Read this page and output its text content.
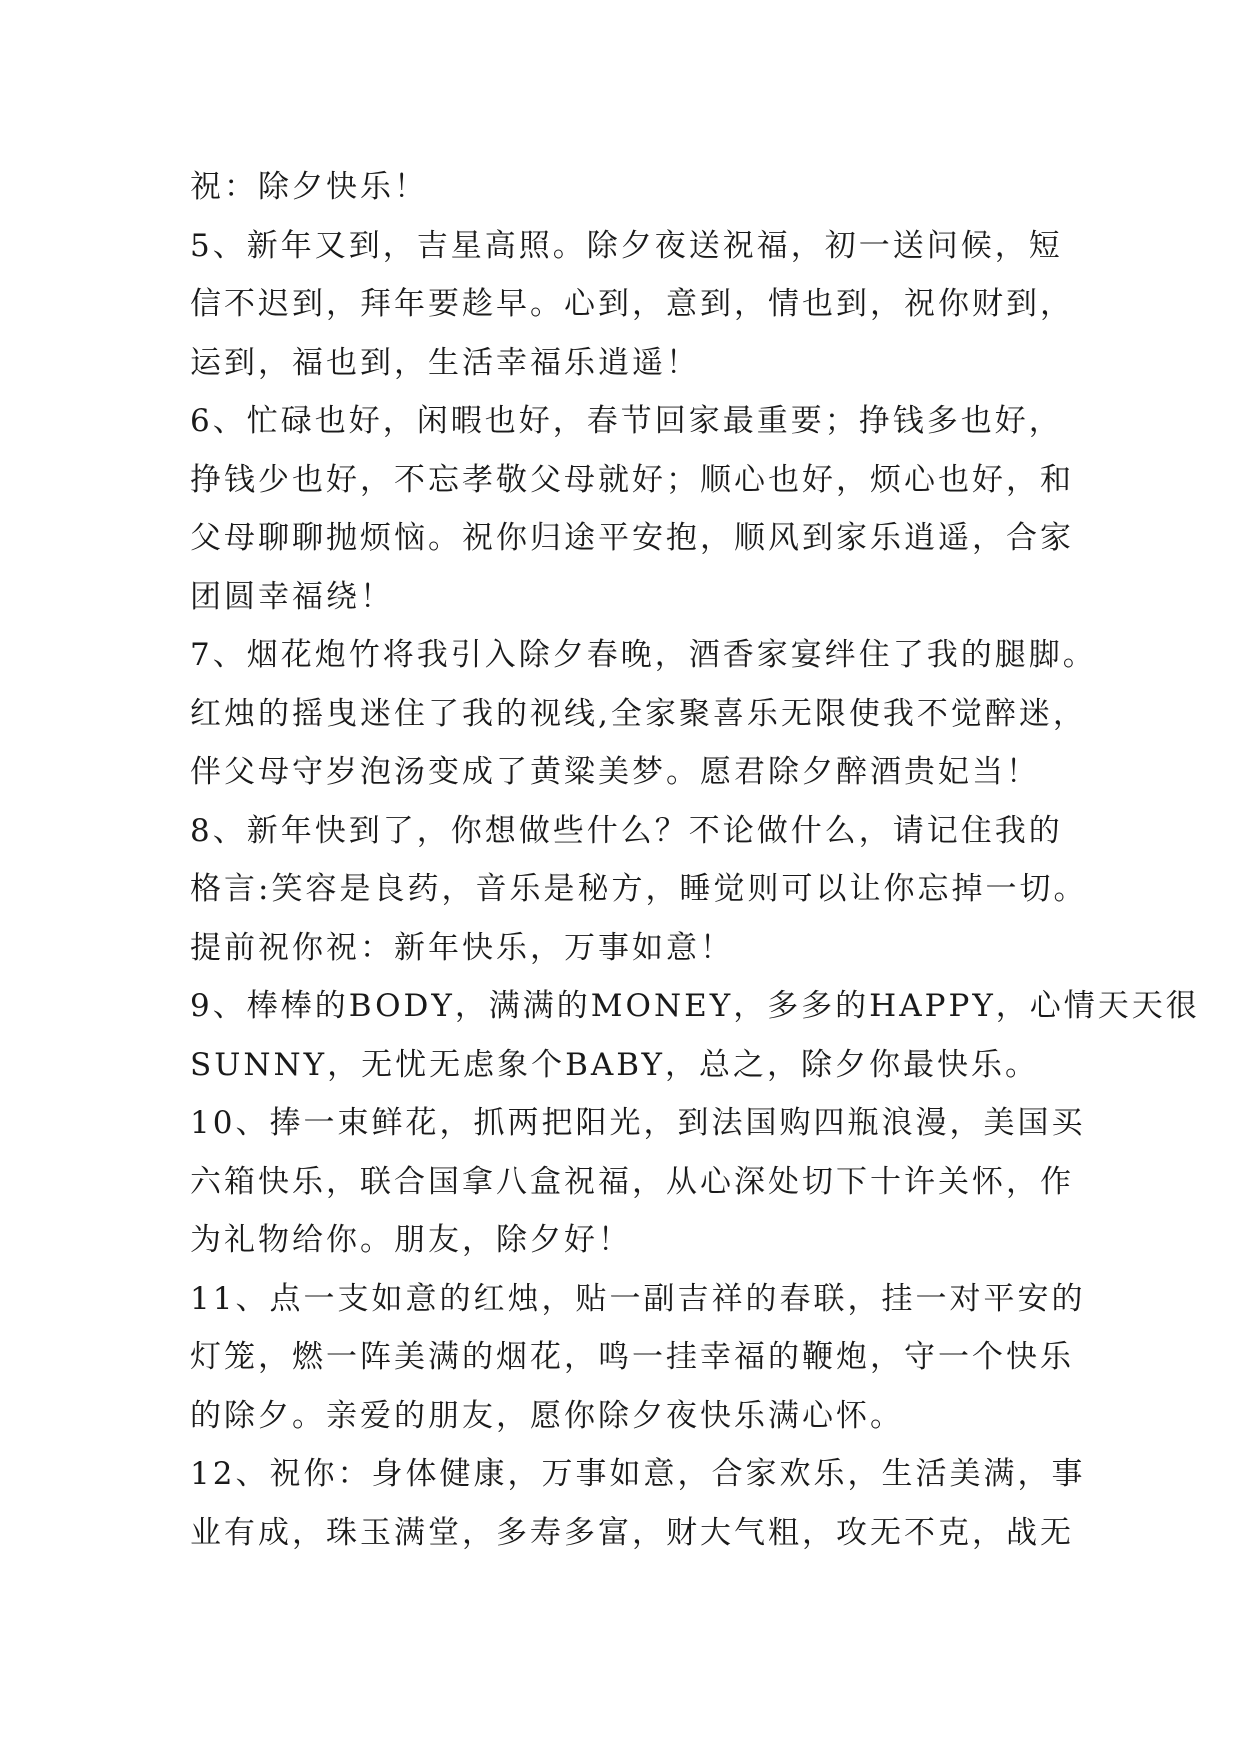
祝：除夕快乐！
5、新年又到，吉星高照。除夕夜送祝福，初一送问候，短
信不迟到，拜年要趁早。心到，意到，情也到，祝你财到，
运到，福也到，生活幸福乐逍遥！
6、忙碌也好，闲暇也好，春节回家最重要；挣钱多也好，
挣钱少也好，不忘孝敬父母就好；顺心也好，烦心也好，和
父母聊聊抛烦恼。祝你归途平安抱，顺风到家乐逍遥，合家
团圆幸福绕！
7、烟花炮竹将我引入除夕春晚，酒香家宴绊住了我的腿脚。
红烛的摇曳迷住了我的视线,全家聚喜乐无限使我不觉醉迷，
伴父母守岁泡汤变成了黄粱美梦。愿君除夕醉酒贵妃当！
8、新年快到了，你想做些什么？不论做什么，请记住我的
格言:笑容是良药，音乐是秘方，睡觉则可以让你忘掉一切。
提前祝你祝：新年快乐，万事如意！
9、棒棒的BODY，满满的MONEY，多多的HAPPY，心情天天很
SUNNY，无忧无虑象个BABY，总之，除夕你最快乐。
10、捧一束鲜花，抓两把阳光，到法国购四瓶浪漫，美国买
六箱快乐，联合国拿八盒祝福，从心深处切下十许关怀，作
为礼物给你。朋友，除夕好！
11、点一支如意的红烛，贴一副吉祥的春联，挂一对平安的
灯笼，燃一阵美满的烟花，鸣一挂幸福的鞭炮，守一个快乐
的除夕。亲爱的朋友，愿你除夕夜快乐满心怀。
12、祝你：身体健康，万事如意，合家欢乐，生活美满，事
业有成，珠玉满堂，多寿多富，财大气粗，攻无不克，战无
